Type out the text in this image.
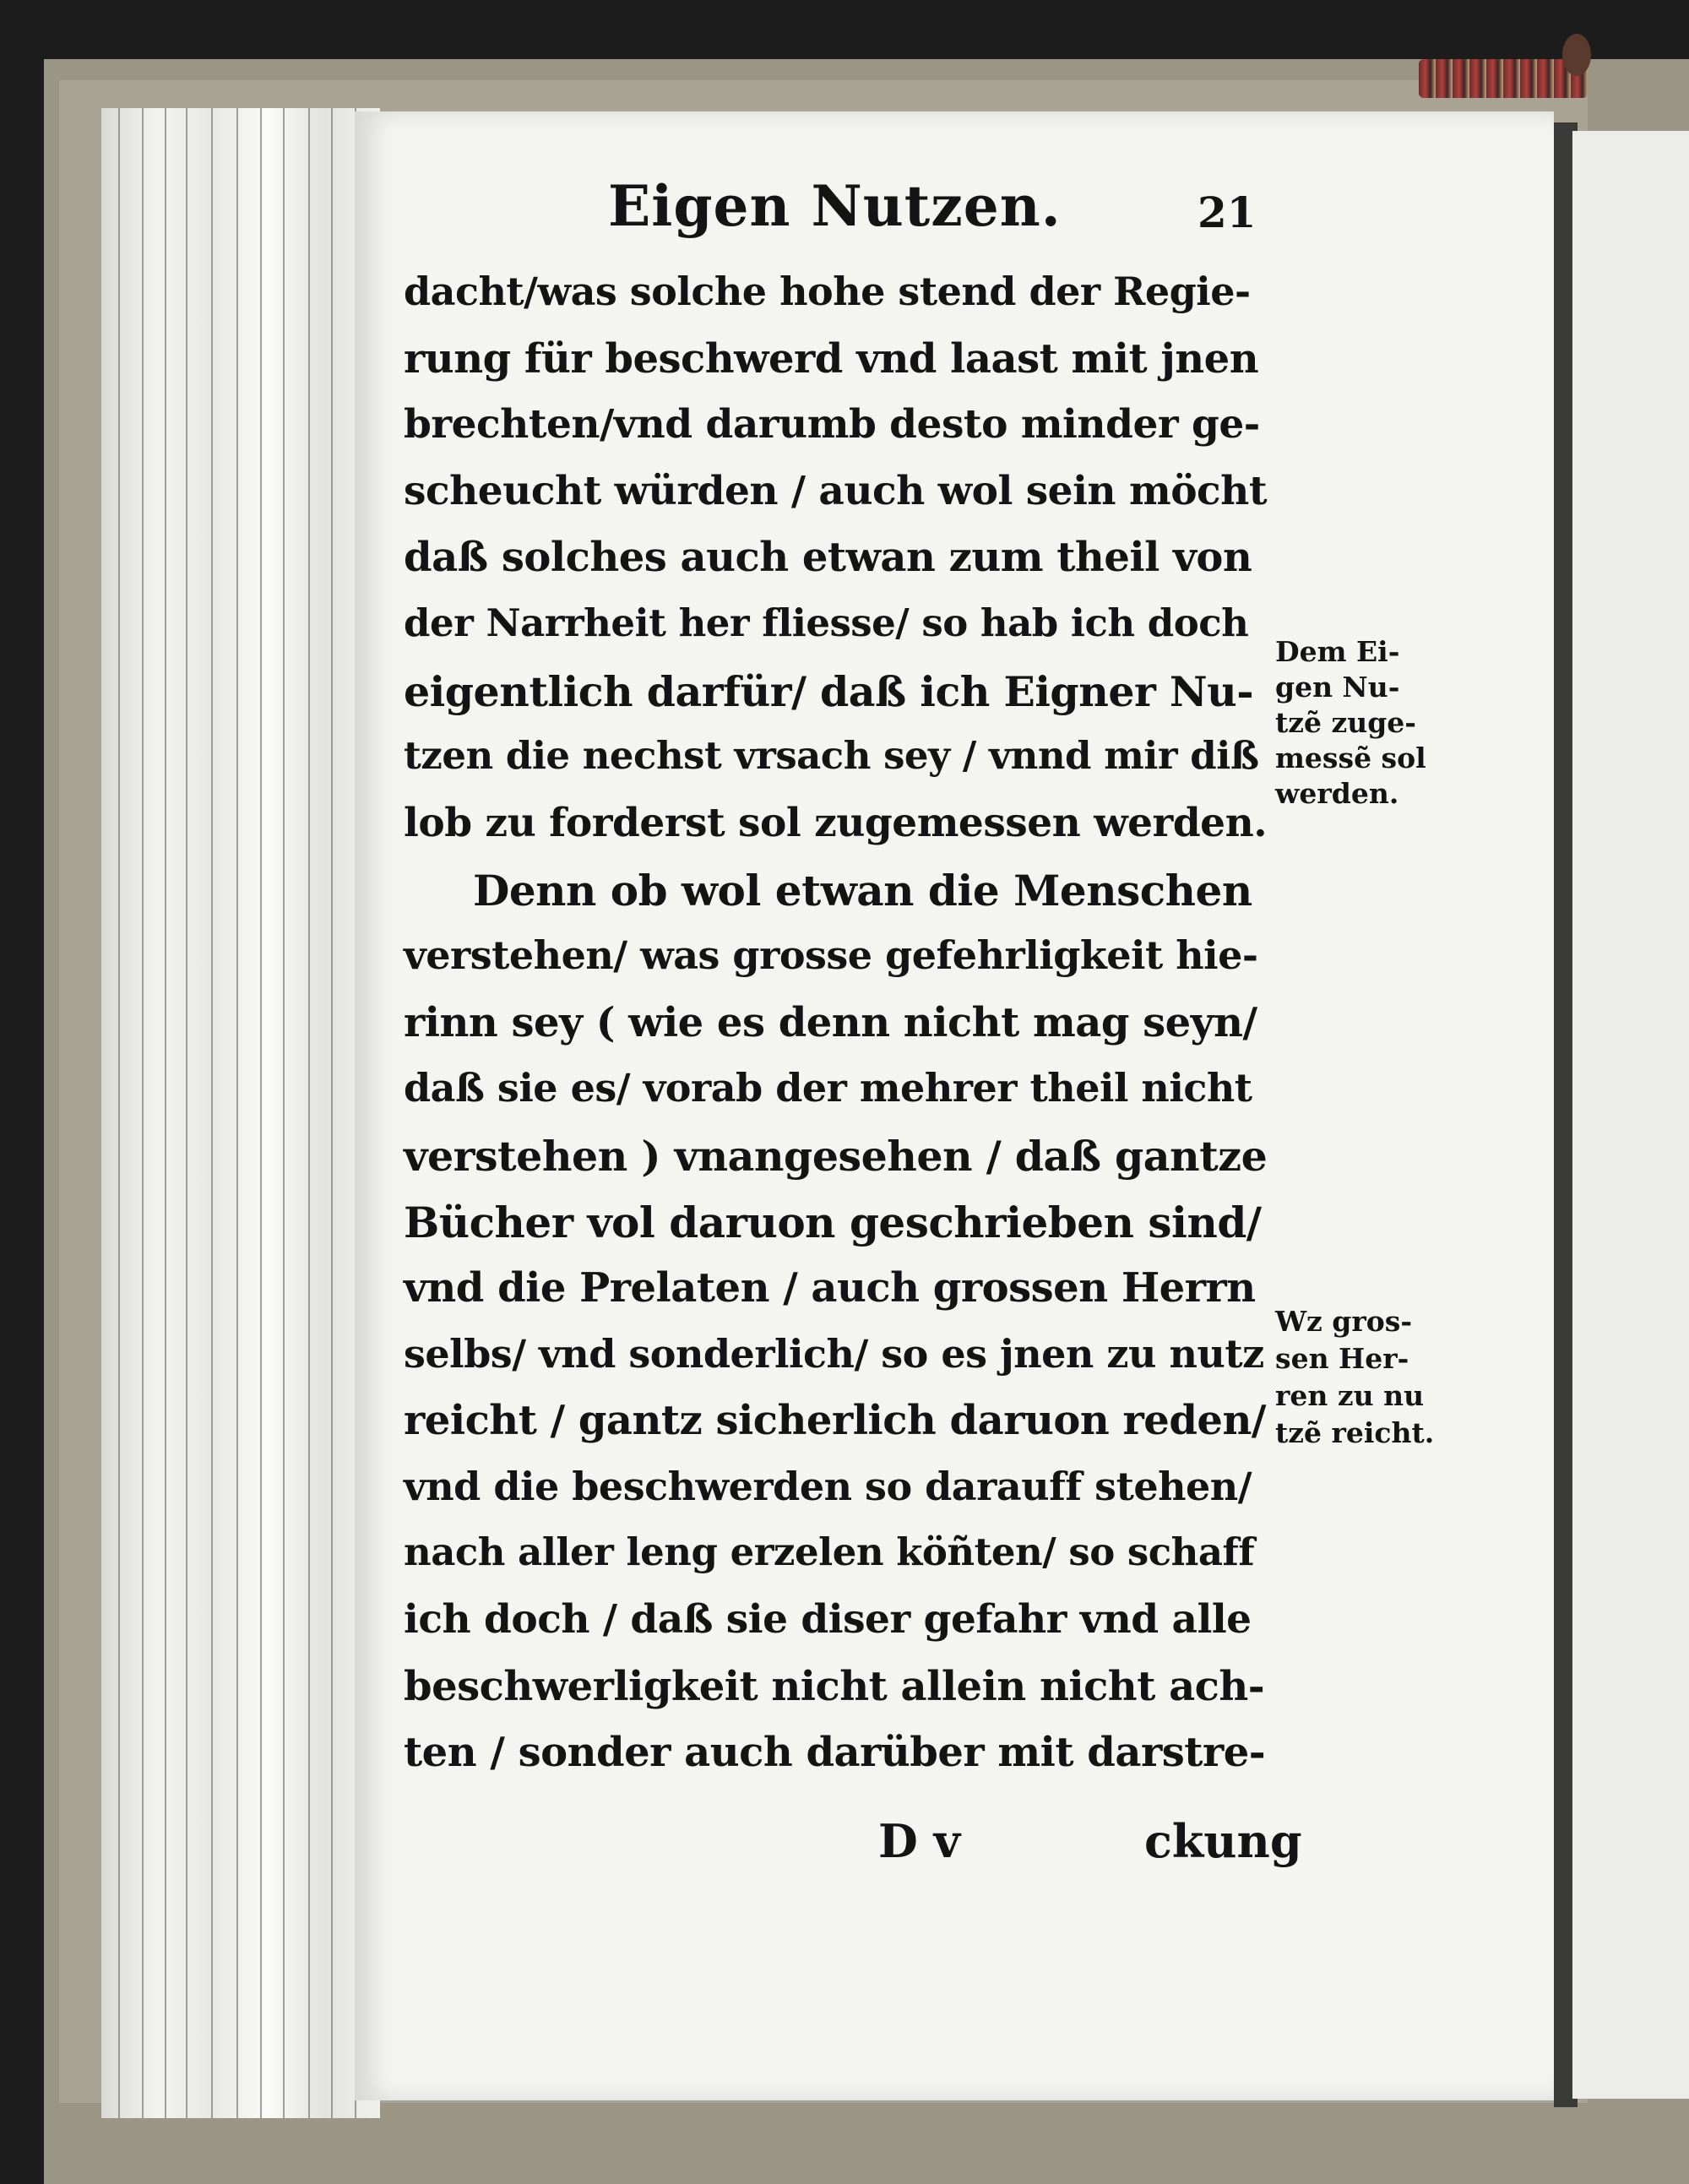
Eigen Nutzen.	21
dacht/was solche hohe stend der Regie-
rung für beschwerd vnd laast mit jnen
brechten/vnd darumb desto minder ge-
scheucht würden / auch wol sein möcht
daß solches auch etwan zum theil von
der Narrheit her fliesse/ so hab ich doch
eigentlich darfür/ daß ich Eigner Nu-
tzen die nechst vrsach sey / vnnd mir diß
lob zu forderst sol zugemessen werden.
Denn ob wol etwan die Menschen
verstehen/ was grosse gefehrligkeit hie-
rinn sey ( wie es denn nicht mag seyn/
daß sie es/ vorab der mehrer theil nicht
verstehen ) vnangesehen / daß gantze
Bücher vol daruon geschrieben sind/
vnd die Prelaten / auch grossen Herrn
selbs/ vnd sonderlich/ so es jnen zu nutz
reicht / gantz sicherlich daruon reden/
vnd die beschwerden so darauff stehen/
nach aller leng erzelen köñten/ so schaff
ich doch / daß sie diser gefahr vnd alle
beschwerligkeit nicht allein nicht ach-
ten / sonder auch darüber mit darstre-
Dem Ei-
gen Nu-
tzẽ zuge-
messẽ sol
werden.
Wz gros-
sen Her-
ren zu nu
tzẽ reicht.
D v	ckung
